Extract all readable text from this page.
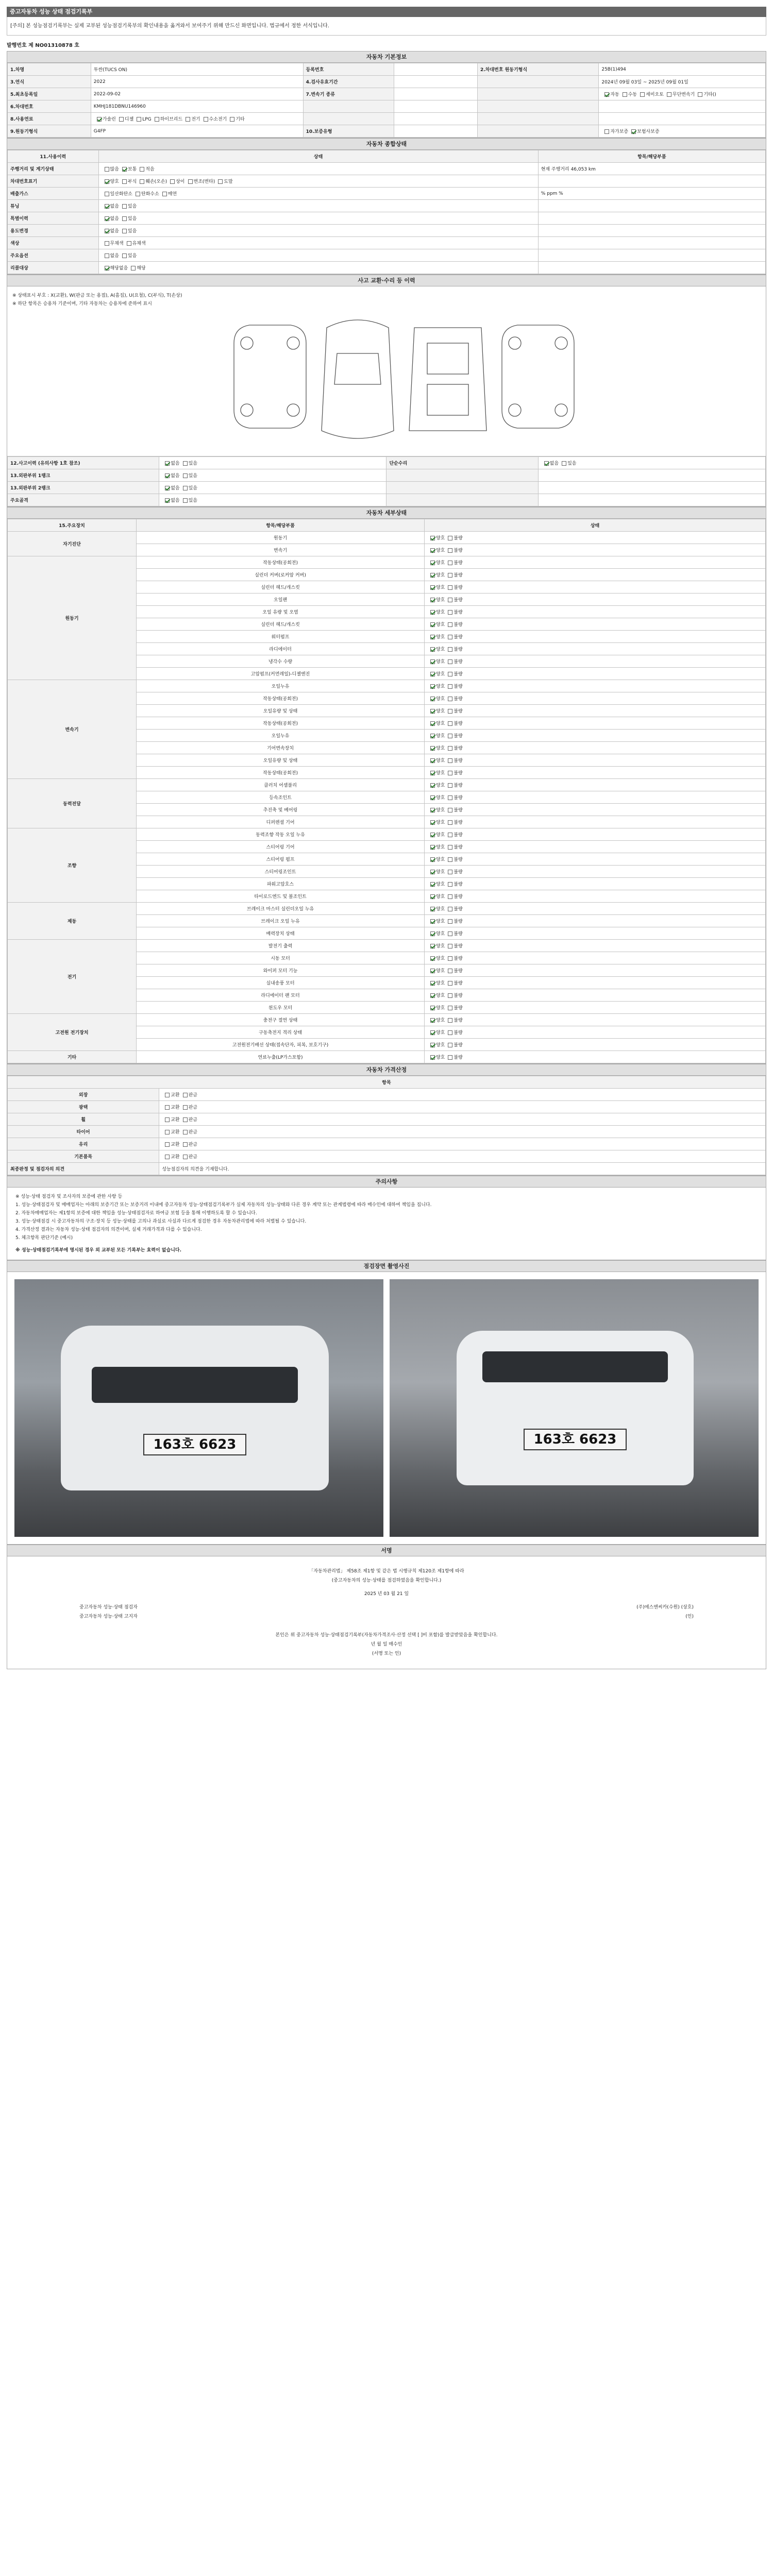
중고자동차 성능 상태 점검기록부
[주의] 본 성능점검기록부는 실제 교부된 성능점검기록부의 확인내용을 옮겨와서 보여주기 위해 만드신 화면입니다. 법규에서 정한 서식입니다.
발행번호 제 NO01310878 호
자동차 기본정보
1.차명	투싼(TUCS ON)	등록번호		2.차대번호 원동기형식	25B(1)494
3.연식	2022	4.검사유효기간			2024년 09월 03일 ~ 2025년 09월 01일
5.최초등록일	2022-09-02	7.변속기 종류			자동 수동 세미오토 무단변속기 기타()
6.차대번호	KMHJ181DBNU146960				
8.사용연료	가솔린 디젤 LPG 하이브리드 전기 수소전기 기타				
9.원동기형식	G4FP	10.보증유형			자가보증 보험사보증
자동차 종합상태
11.사용이력	상태	항목/해당부품
주행거리 및 계기상태	많음 보통 적음	현재 주행거리 46,053 km
차대번호표기	양호 부식 훼손(오손) 상이 변조(변타) 도말	
배출가스	일산화탄소 탄화수소 매연	% ppm %
튜닝	없음 있음	
특별이력	없음 있음	
용도변경	없음 있음	
색상	무채색 유채색	
주요옵션	없음 있음	
리콜대상	해당없음 해당	
사고 교환·수리 등 이력
※ 상태표시 부호 : X(교환), W(판금 또는 용접), A(흠집), U(요철), C(부식), T(손상)
※ 하단 항목은 승용차 기준이며, 기타 자동차는 승용차에 준하여 표시
12.사고이력 (유의사항 1호 참조)	없음 있음	단순수리	없음 있음
13.외판부위 1랭크	없음 있음		
13.외판부위 2랭크	없음 있음		
주요골격	없음 있음		
자동차 세부상태
15.주요장치	항목/해당부품	상태
자기진단	원동기	양호 불량
	변속기	양호 불량
원동기	작동상태(공회전)	양호 불량
	실린더 커버(로커암 커버)	양호 불량
	실린더 헤드/개스킷	양호 불량
	오일팬	양호 불량
	오일 유량 및 오염	양호 불량
	실린더 헤드/개스킷	양호 불량
	워터펌프	양호 불량
	라디에이터	양호 불량
	냉각수 수량	양호 불량
	고압펌프(커먼레일)-디젤엔진	양호 불량
변속기	오일누유	양호 불량
	작동상태(공회전)	양호 불량
	오일유량 및 상태	양호 불량
	작동상태(공회전)	양호 불량
	오일누유	양호 불량
	기어변속장치	양호 불량
	오일유량 및 상태	양호 불량
	작동상태(공회전)	양호 불량
동력전달	클러치 어셈블리	양호 불량
	등속조인트	양호 불량
	추진축 및 베어링	양호 불량
	디퍼렌셜 기어	양호 불량
조향	동력조향 작동 오일 누유	양호 불량
	스티어링 기어	양호 불량
	스티어링 펌프	양호 불량
	스티어링조인트	양호 불량
	파워고압호스	양호 불량
	타이로드엔드 및 볼조인트	양호 불량
제동	브레이크 마스터 실린더오일 누유	양호 불량
	브레이크 오일 누유	양호 불량
	배력장치 상태	양호 불량
전기	발전기 출력	양호 불량
	시동 모터	양호 불량
	와이퍼 모터 기능	양호 불량
	실내송풍 모터	양호 불량
	라디에이터 팬 모터	양호 불량
	윈도우 모터	양호 불량
고전원 전기장치	충전구 절연 상태	양호 불량
	구동축전지 격리 상태	양호 불량
	고전원전기배선 상태(접속단자, 피복, 보호기구)	양호 불량
기타	연료누출(LP가스포함)	양호 불량
자동차 가격산정
항목	
외장	교환 판금
광택	교환 판금
휠	교환 판금
타이어	교환 판금
유리	교환 판금
기본품목	교환 판금
최종판정 및 점검자의 의견	성능점검자의 의견을 기재합니다.
주의사항

※ 성능·상태 점검자 및 조사자의 보증에 관한 사항 등

1. 성능·상태점검자 및 매매업자는 아래의 보증기간 또는 보증거리 이내에 중고자동차 성능·상태점검기록부가 실제 자동차의 성능·상태와 다른 경우 계약 또는 관계법령에 따라 매수인에 대하여 책임을 집니다.

2. 자동차매매업자는 제1항의 보증에 대한 책임을 성능·상태점검자로 하여금 보험 등을 통해 이행하도록 할 수 있습니다.

3. 성능·상태점검 시 중고자동차의 구조·장치 등 성능·상태를 고의나 과실로 사실과 다르게 점검한 경우 자동차관리법에 따라 처벌될 수 있습니다.

4. 가격산정 결과는 자동차 성능·상태 점검자의 의견이며, 실제 거래가격과 다를 수 있습니다.

5. 체크항목 판단기준 (예시)

※ 성능·상태점검기록부에 명시된 경우 외 교부된 모든 기록부는 효력이 없습니다.

점검장면 촬영사진
163호 6623	163호 6623
서명
「자동차관리법」 제58조 제1항 및 같은 법 시행규칙 제120조 제1항에 따라
(중고자동차의 성능·상태를 점검하였음을 확인합니다.)
2025 년 03 월 21 일
중고자동차 성능·상태 점검자	(주)에스엔씨카(수원) (상호)
중고자동차 성능·상태 고지자	(인)
본인은 위 중고자동차 성능·상태점검기록부(자동차가격조사·산정 선택 [ ]비 포함)를 발급받았음을 확인합니다.
년 월 일 매수인
(서명 또는 인)
